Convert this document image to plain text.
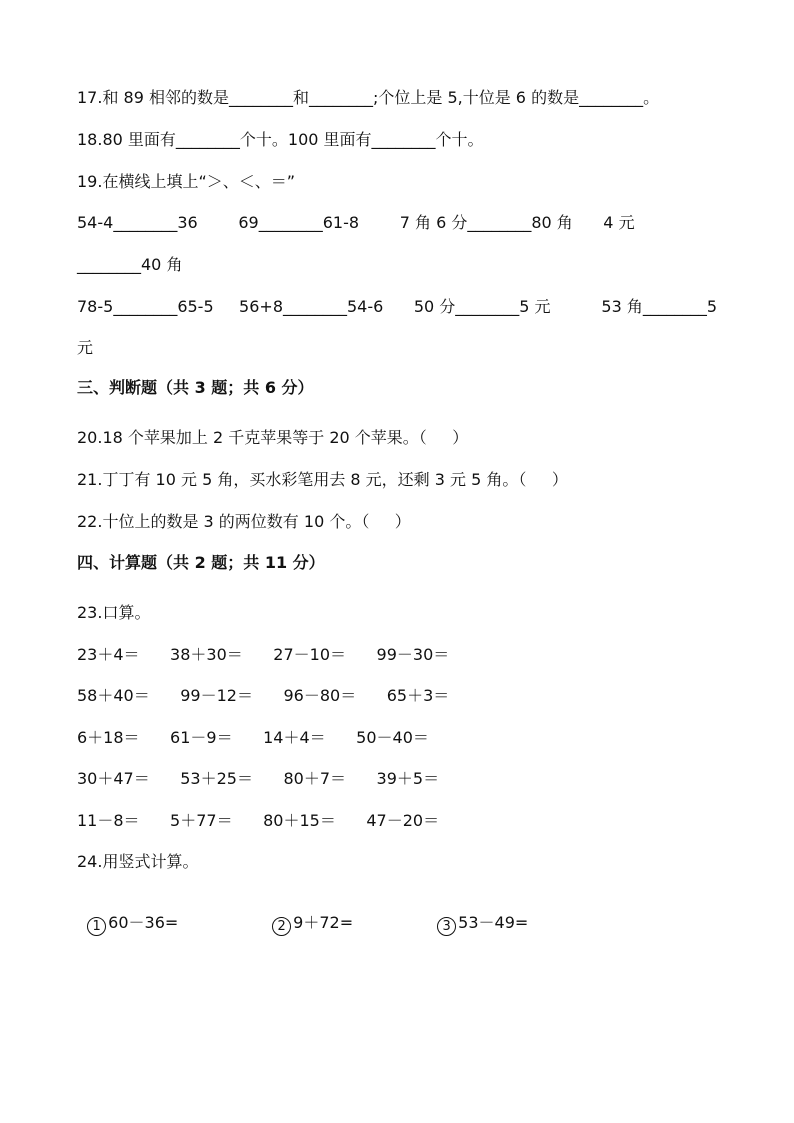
17.和 89 相邻的数是________和________;个位上是 5,十位是 6 的数是________。
18.80 里面有________个十。100 里面有________个十。
19.在横线上填上“＞、＜、＝”
54-4________36        69________61-8        7 角 6 分________80 角      4 元
________40 角
78-5________65-5     56+8________54-6      50 分________5 元          53 角________5
元
三、判断题（共 3 题；共 6 分）
20.18 个苹果加上 2 千克苹果等于 20 个苹果。（     ）
21.丁丁有 10 元 5 角，买水彩笔用去 8 元，还剩 3 元 5 角。（     ）
22.十位上的数是 3 的两位数有 10 个。（     ）
四、计算题（共 2 题；共 11 分）
23.口算。
23＋4＝      38＋30＝      27－10＝      99－30＝
58＋40＝      99－12＝      96－80＝      65＋3＝
6＋18＝      61－9＝      14＋4＝      50－40＝
30＋47＝      53＋25＝      80＋7＝      39＋5＝
11－8＝      5＋77＝      80＋15＝      47－20＝
24.用竖式计算。

1 60－36=	2 9＋72=	3 53－49=
